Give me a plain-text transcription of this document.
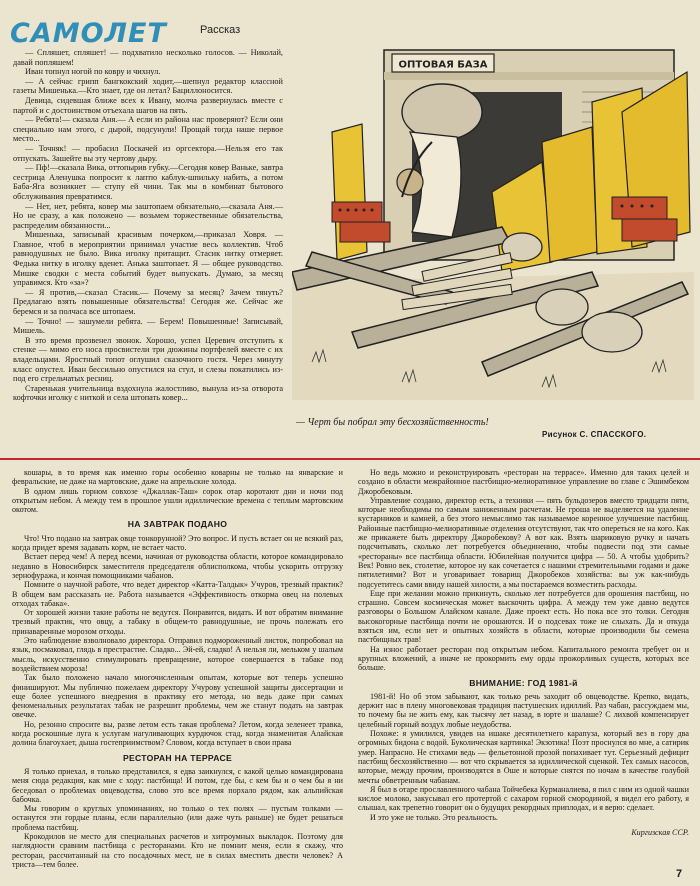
САМОЛЕТ	Рассказ

— Спляшет, спляшет! — подхватило несколько голосов. — Николай, давай попляшем!

Иван топнул ногой по ковру и чихнул.

— А сейчас грипп бангкокский ходит,—шепнул редактор классной газеты Мишенька.—Кто знает, где он летал? Бациллоносится.

Девица, сидевшая ближе всех к Ивану, молча развернулась вместе с партой и с достоинством отъехала шагов на пять.

— Ребята!— сказала Аня.— А если из района нас проверяют? Если они специально нам этого, с дырой, подсунули! Прощай тогда наше первое место...

— Точняк! — пробасил Поскачей из оргсектора.—Нельзя его так отпускать. Зашейте вы эту чертову дыру.

— Пф!—сказала Вика, оттопырив губку.—Сегодня ковер Ваньке, завтра сестрица Аленушка попросит к лаптю каблук-шпильку набить, а потом Баба-Яга возникнет — ступу ей чини. Так мы в комбинат бытового обслуживания превратимся.

— Нет, нет, ребята, ковер мы заштопаем обязательно,—сказала Аня.— Но не сразу, а как положено — возьмем торжественные обязательства, распределим обязанности...

Мишенька, записывай красивым почерком,—приказал Ховря. — Главное, чтоб в мероприятии принимал участие весь коллектив. Чтоб равнодушных не было. Вика иголку притащит. Стасик нитку отмеряет. Федька нитку в иголку вденет. Анька заштопает. Я — общее руководство. Мишке сводки с места событий будет выпускать. Думаю, за месяц управимся. Кто «за»?

— Я против,—сказал Стасик.— Почему за месяц? Зачем тянуть? Предлагаю взять повышенные обязательства! Сегодня же. Сейчас же беремся и за полчаса все штопаем.

— Точно! — зашумели ребята. — Берем! Повышенные! Записывай, Мишель.

В это время прозвенел звонок. Хорошо, успел Церевич отступить к стенке — мимо его носа просвистели три дюжины портфелей вместе с их владельцами. Яростный топот оглушил сказочного гостя. Через минуту класс опустел. Иван бессильно опустился на стул, и слезы покатились из-под его стрельчатых ресниц.

Старенькая учительница вздохнула жалостливо, вынула из-за отворота кофточки иголку с ниткой и села штопать ковер...

ОПТОВАЯ БАЗА
— Черт бы побрал эту бесхозяйственность!
Рисунок С. СПАССКОГО.

кошары, в то время как именно горы особенно коварны не только на январские и февральские, не даже на мартовские, даже на апрельские холода.

В одном лишь горном совхозе «Джаллак-Таш» сорок отар коротают дни и ночи под открытым небом. А между тем в прошлое ушли идиллические времена с теплым мартовским окотом.

НА ЗАВТРАК ПОДАНО

Что! Что подано на завтрак овце тонкорунной? Это вопрос. И пусть встает он не всякий раз, когда придет время задавать корм, не встает часто.

Встает перед чем! А перед всеми, начиная от руководства области, которое командировало недавно в Новосибирск заместителя председателя облисполкома, чтобы ускорить отгрузку зернофуража, и кончая помощниками чабанов.

Помните о научной работе, что ведет директор «Катта-Талдык» Учуров, трезвый практик? В общем вам рассказать не. Работа называется «Эффективность откорма овец на полевых отходах табака».

От хорошей жизни такие работы не ведутся. Понравится, видать. И вот обратим внимание трезвый практик, что овцу, а табаку в общем-то равнодушные, не прочь полежать его принаваренные морозом отходы.

Это наблюдение взволновало директора. Отправил подмороженный листок, попробовал на язык, посмаковал, глядь в престрастие. Сладко... Эй-ей, сладко! А нельзя ли, мельком у шалым мысль, искусственно стимулировать превращение, которое совершается в табаке под воздействием мороза!

Так было положено начало многочисленным опытам, которые вот теперь успешно финишируют. Мы публично пожелаем директору Учурову успешной защиты диссертации и еще более успешного внедрения в практику его метода, но ведь даже при самых феноменальных результатах табак не разрешит проблемы, чем же станут подать на завтрак овечке.

Но, резонно спросите вы, разве летом есть такая проблема? Летом, когда зеленеет травка, когда роскошные луга к услугам нагуливающих курдючок стад, когда знаменитая Алайская долина благоухает, дыша гостеприимством? Словом, когда вступает в свои права

РЕСТОРАН НА ТЕРРАСЕ

Я только приехал, я только представился, я едва заикнулся, с какой целью командирована меня сюда редакция, как мне с ходу: пастбища! И потом, где бы, с кем бы и о чем бы я ни беседовал о проблемах овцеводства, слово это все время порхало рядом, как альпийская бабочка.

Мы говорим о круглых упоминаниях, но только о тех полях — пустым толками — останутся эти гордые планы, если параллельно (или даже чуть раньше) не будет решаться проблема пастбищ.

Крокодилов не место для специальных расчетов и хитроумных выкладок. Поэтому для наглядности сравним пастбища с ресторанами. Кто не помнит меня, если я скажу, что ресторан, рассчитанный на сто посадочных мест, не в силах вместить двести человек? А триста—тем более.

Но ведь можно и реконструировать «ресторан на террасе». Именно для таких целей и создано в области межрайонное пастбищно-мелиоративное управление во главе с Эшимбеком Джоробековым.

Управление создано, директор есть, а техники — пять бульдозеров вместо тридцати пяти, которые необходимы по самым заниженным расчетам. Не грошa не выделяется на удаление кустарников и камней, а без этого немыслимо так называемое коренное улучшение пастбищ. Районные пастбищно-мелиоративные отделения отсутствуют, так что опереться не на кого. Как же прикажете быть директору Джоробекову? А вот как. Взять шариковую ручку и начать подсчитывать, сколько лет потребуется объединению, чтобы подвести под эти самые «рестораны» все пастбища области. Юбилейная получится цифра — 50. А чтобы удобрить? Век! Ровно век, столетие, которое ну как сочетается с нашими стремительными годами и даже пятилетиями? Вот и уговаривает товарищ Джоробеков хозяйства: вы уж как-нибудь подсуетитесь сами ввиду нашей хилости, а мы постараемся возместить расходы.

Еще при желании можно прикинуть, сколько лет потребуется для орошения пастбищ, но страшно. Совсем космическая может выскочить цифра. А между тем уже давно ведутся разговоры о Большом Алайском канале. Даже проект есть. Но пока все это толки. Сегодня высокогорные пастбища почти не орошаются. И о подсевах тоже не слыхать. Да и откуда взяться им, если нет и опытных хозяйств в области, которые производили бы семена пастбищных трав!

На износ работает ресторан под открытым небом. Капитального ремонта требует он и крупных вложений, а иначе не прокормить ему орды прожорливых существ, которых все больше.

ВНИМАНИЕ: ГОД 1981-й

1981-й! Но об этом забывают, как только речь заходит об овцеводстве. Крепко, видать, держит нас в плену многовековая традиция пастушеских идиллий. Раз чабан, рассуждаем мы, то почему бы не жить ему, как тысячу лет назад, в юрте и шалаше? С лихвой компенсирует целебный горный воздух любые неудобства.

Похоже: я умилился, увидев на ишаке десятилетнего карапуза, который вез в гору два огромных бидона с водой. Буколическая картинка! Экзотика! Поэт проснулся во мне, а сатирик умер. Напрасно. Не стихами ведь — фельетонной прозой попахивает тут. Серьезный дефицит пастбищ бесхозяйственно — вот что скрывается за идиллической сценкой. Тех самых насосов, которые, между прочим, производятся в Оше и которые снятся по ночам в качестве голубой мечты обветренным чабанам.

Я был в отаре прославленного чабана Тойчебека Курманалиева, я пил с ним из одной чашки кислое молоко, закусывал его протертой с сахаром горной смородиной, я видел его работу, я слышал, как трепетно говорит он о будущих рекордных приплодах, и я верю: сделает.

И это уже не только. Это реальность.

Киргизская ССР.
7
